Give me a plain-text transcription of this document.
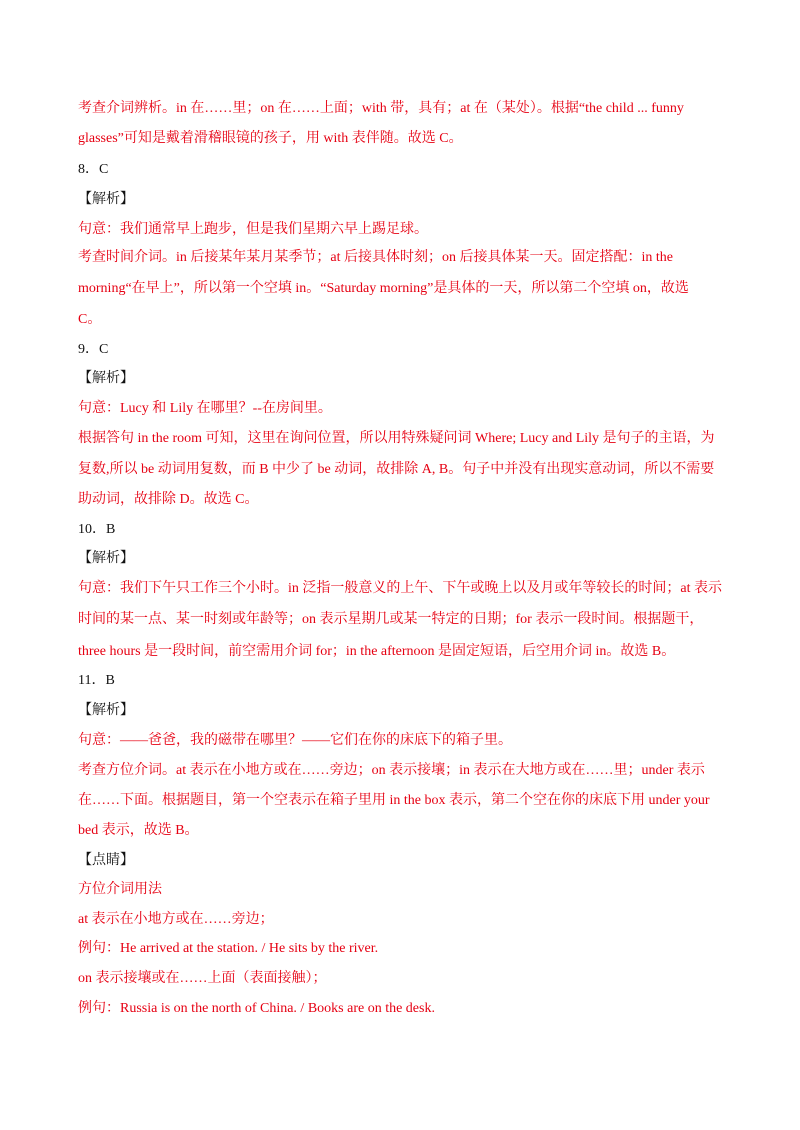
考查介词辨析。in 在……里；on 在……上面；with 带，具有；at 在（某处）。根据“the child ... funny
glasses”可知是戴着滑稽眼镜的孩子，用 with 表伴随。故选 C。
8．C
【解析】
句意：我们通常早上跑步，但是我们星期六早上踢足球。
考查时间介词。in 后接某年某月某季节；at 后接具体时刻；on 后接具体某一天。固定搭配：in the
morning“在早上”，所以第一个空填 in。“Saturday morning”是具体的一天，所以第二个空填 on，故选
C。
9．C
【解析】
句意：Lucy 和 Lily 在哪里？--在房间里。
根据答句 in the room 可知，这里在询问位置，所以用特殊疑问词 Where; Lucy and Lily 是句子的主语，为
复数,所以 be 动词用复数，而 B 中少了 be 动词，故排除 A, B。句子中并没有出现实意动词，所以不需要
助动词，故排除 D。故选 C。
10．B
【解析】
句意：我们下午只工作三个小时。in 泛指一般意义的上午、下午或晚上以及月或年等较长的时间；at 表示
时间的某一点、某一时刻或年龄等；on 表示星期几或某一特定的日期；for 表示一段时间。根据题干，
three hours 是一段时间，前空需用介词 for；in the afternoon 是固定短语，后空用介词 in。故选 B。
11．B
【解析】
句意：——爸爸，我的磁带在哪里？——它们在你的床底下的箱子里。
考查方位介词。at 表示在小地方或在……旁边；on 表示接壤；in 表示在大地方或在……里；under 表示
在……下面。根据题目，第一个空表示在箱子里用 in the box 表示，第二个空在你的床底下用 under your
bed 表示，故选 B。
【点睛】
方位介词用法
at 表示在小地方或在……旁边；
例句：He arrived at the station. / He sits by the river.
on 表示接壤或在……上面（表面接触）；
例句：Russia is on the north of China. / Books are on the desk.
